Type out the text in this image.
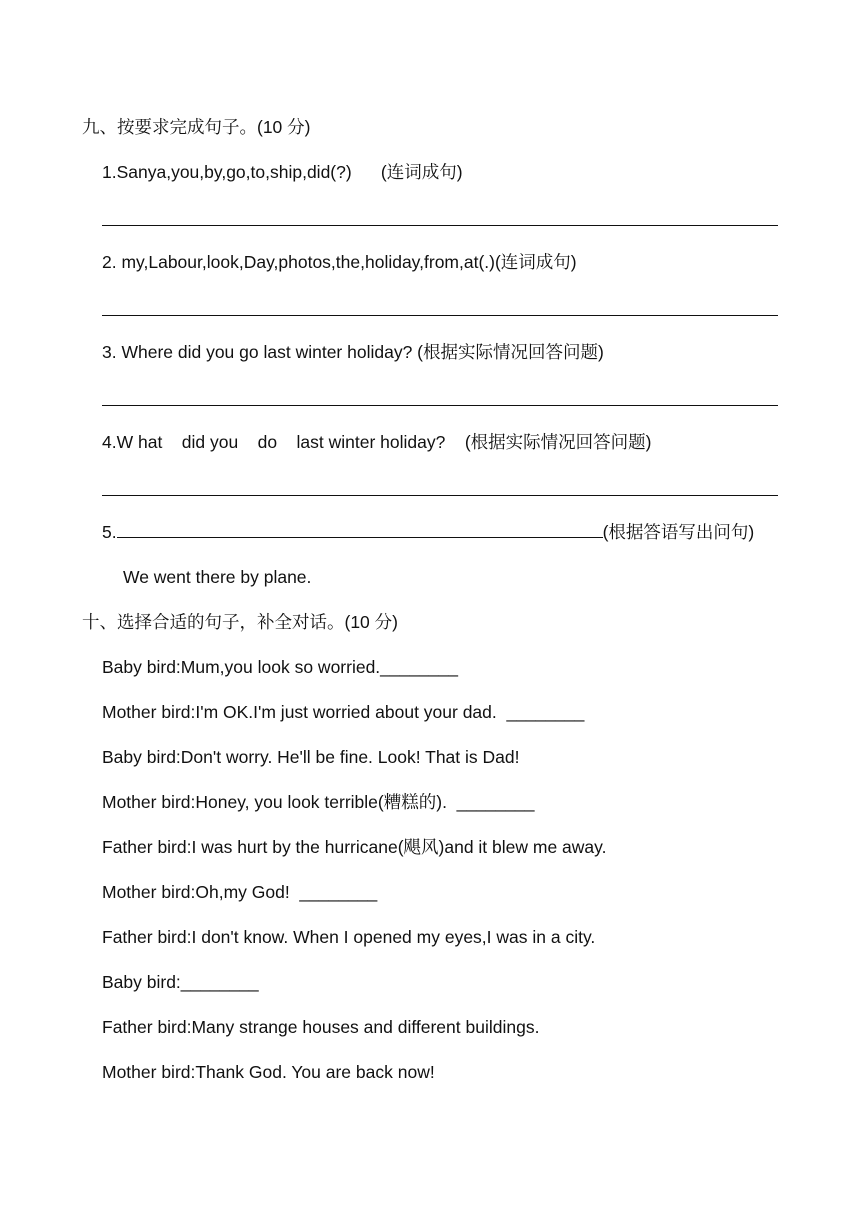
九、按要求完成句子。(10 分)
1.Sanya,you,by,go,to,ship,did(?)      (连词成句)
2. my,Labour,look,Day,photos,the,holiday,from,at(.)(连词成句)
3. Where did you go last winter holiday? (根据实际情况回答问题)
4.W hat    did you    do    last winter holiday?    (根据实际情况回答问题)
5.	(根据答语写出问句)
We went there by plane.
十、选择合适的句子，补全对话。(10 分)
Baby bird:Mum,you look so worried.________
Mother bird:I'm OK.I'm just worried about your dad.  ________
Baby bird:Don't worry. He'll be fine. Look! That is Dad!
Mother bird:Honey, you look terrible(糟糕的).  ________
Father bird:I was hurt by the hurricane(飓风)and it blew me away.
Mother bird:Oh,my God!  ________
Father bird:I don't know. When I opened my eyes,I was in a city.
Baby bird:________
Father bird:Many strange houses and different buildings.
Mother bird:Thank God. You are back now!
